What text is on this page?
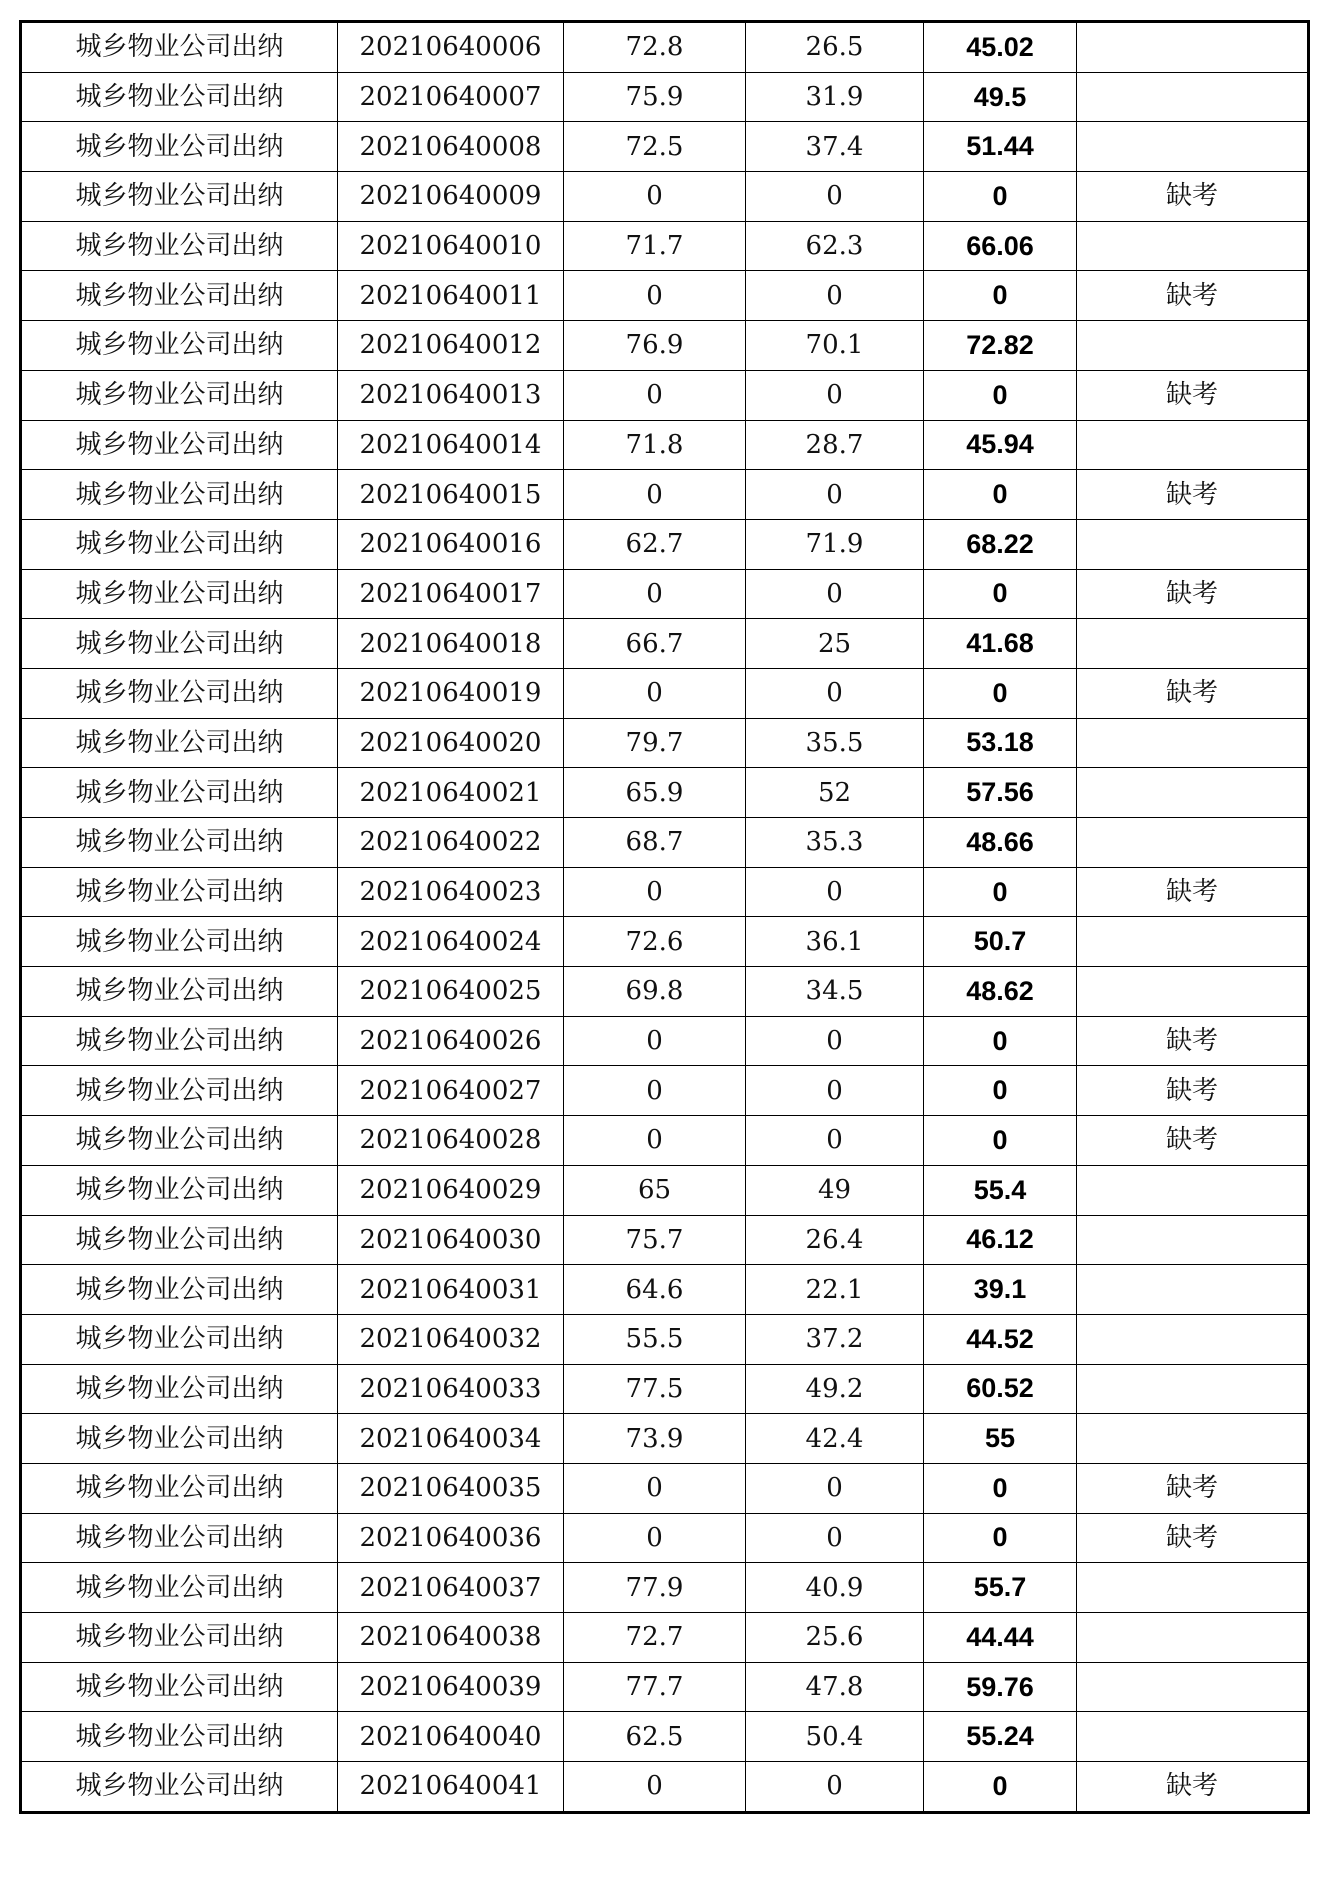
城乡物业公司出纳	20210640006	72.8	26.5	45.02	
城乡物业公司出纳	20210640007	75.9	31.9	49.5	
城乡物业公司出纳	20210640008	72.5	37.4	51.44	
城乡物业公司出纳	20210640009	0	0	0	缺考
城乡物业公司出纳	20210640010	71.7	62.3	66.06	
城乡物业公司出纳	20210640011	0	0	0	缺考
城乡物业公司出纳	20210640012	76.9	70.1	72.82	
城乡物业公司出纳	20210640013	0	0	0	缺考
城乡物业公司出纳	20210640014	71.8	28.7	45.94	
城乡物业公司出纳	20210640015	0	0	0	缺考
城乡物业公司出纳	20210640016	62.7	71.9	68.22	
城乡物业公司出纳	20210640017	0	0	0	缺考
城乡物业公司出纳	20210640018	66.7	25	41.68	
城乡物业公司出纳	20210640019	0	0	0	缺考
城乡物业公司出纳	20210640020	79.7	35.5	53.18	
城乡物业公司出纳	20210640021	65.9	52	57.56	
城乡物业公司出纳	20210640022	68.7	35.3	48.66	
城乡物业公司出纳	20210640023	0	0	0	缺考
城乡物业公司出纳	20210640024	72.6	36.1	50.7	
城乡物业公司出纳	20210640025	69.8	34.5	48.62	
城乡物业公司出纳	20210640026	0	0	0	缺考
城乡物业公司出纳	20210640027	0	0	0	缺考
城乡物业公司出纳	20210640028	0	0	0	缺考
城乡物业公司出纳	20210640029	65	49	55.4	
城乡物业公司出纳	20210640030	75.7	26.4	46.12	
城乡物业公司出纳	20210640031	64.6	22.1	39.1	
城乡物业公司出纳	20210640032	55.5	37.2	44.52	
城乡物业公司出纳	20210640033	77.5	49.2	60.52	
城乡物业公司出纳	20210640034	73.9	42.4	55	
城乡物业公司出纳	20210640035	0	0	0	缺考
城乡物业公司出纳	20210640036	0	0	0	缺考
城乡物业公司出纳	20210640037	77.9	40.9	55.7	
城乡物业公司出纳	20210640038	72.7	25.6	44.44	
城乡物业公司出纳	20210640039	77.7	47.8	59.76	
城乡物业公司出纳	20210640040	62.5	50.4	55.24	
城乡物业公司出纳	20210640041	0	0	0	缺考
